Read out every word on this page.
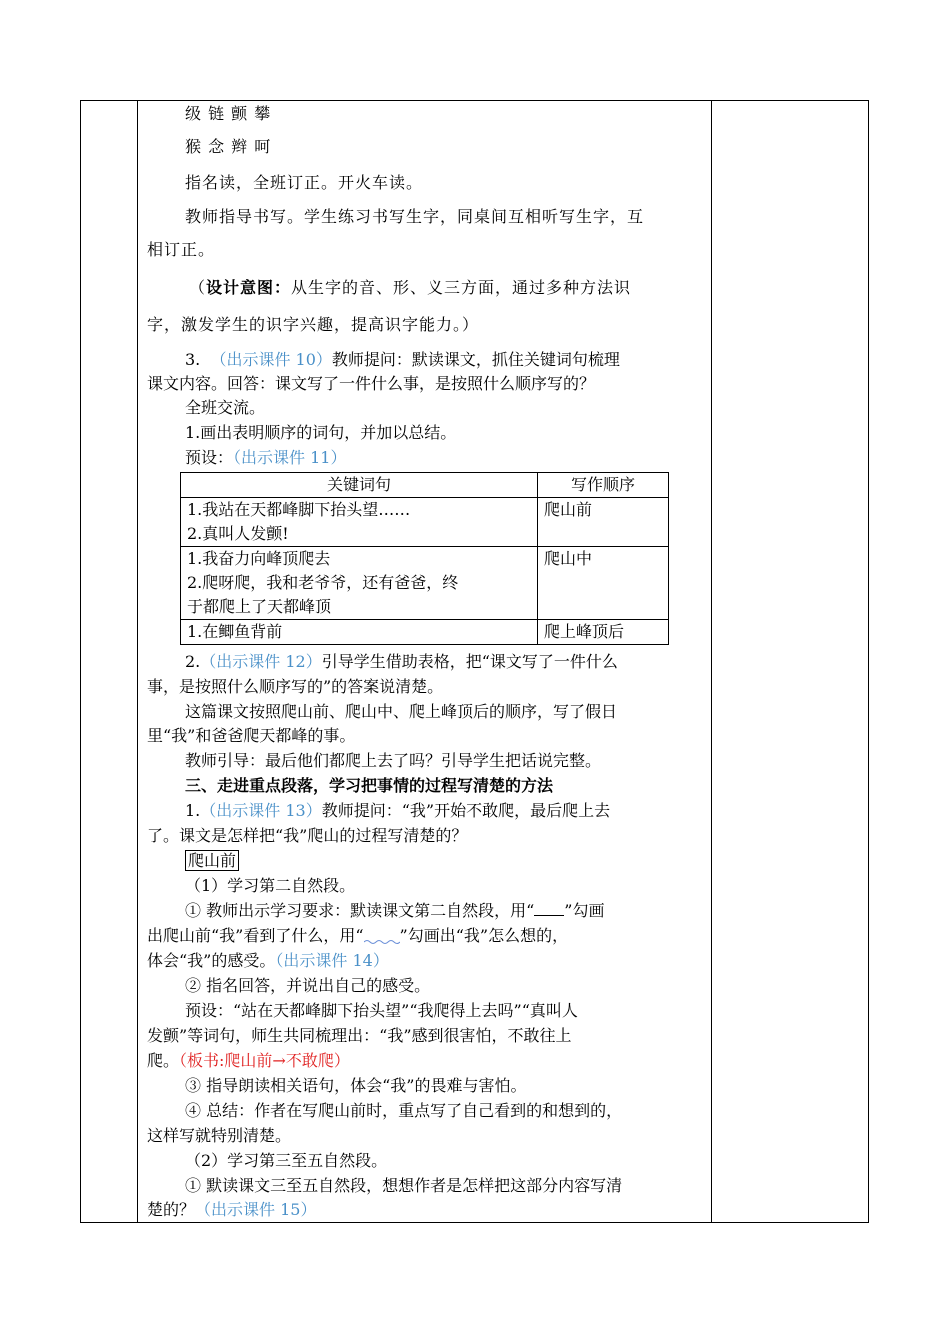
级 链 颤 攀
猴 念 辫 呵
指名读，全班订正。开火车读。
教师指导书写。学生练习书写生字，同桌间互相听写生字，互
相订正。
（设计意图：从生字的音、形、义三方面，通过多种方法识
字，激发学生的识字兴趣，提高识字能力。）
3. （出示课件 10）教师提问：默读课文，抓住关键词句梳理
课文内容。回答：课文写了一件什么事，是按照什么顺序写的？
全班交流。
1.画出表明顺序的词句，并加以总结。
预设：（出示课件 11）
关键词句	写作顺序

1.我站在天都峰脚下抬头望……
2.真叫人发颤!	爬山前

1.我奋力向峰顶爬去
2.爬呀爬，我和老爷爷，还有爸爸，终
于都爬上了天都峰顶	爬山中

1.在鲫鱼背前	爬上峰顶后
2.（出示课件 12）引导学生借助表格，把“课文写了一件什么
事，是按照什么顺序写的”的答案说清楚。
这篇课文按照爬山前、爬山中、爬上峰顶后的顺序，写了假日
里“我”和爸爸爬天都峰的事。
教师引导：最后他们都爬上去了吗？引导学生把话说完整。
三、走进重点段落，学习把事情的过程写清楚的方法
1.（出示课件 13）教师提问：“我”开始不敢爬，最后爬上去
了。课文是怎样把“我”爬山的过程写清楚的？
爬山前
（1）学习第二自然段。
① 教师出示学习要求：默读课文第二自然段，用“ ”勾画
出爬山前“我”看到了什么，用“ ”勾画出“我”怎么想的，
体会“我”的感受。（出示课件 14）
② 指名回答，并说出自己的感受。
预设：“站在天都峰脚下抬头望”“我爬得上去吗”“真叫人
发颤”等词句，师生共同梳理出：“我”感到很害怕，不敢往上
爬。（板书:爬山前→不敢爬）
③ 指导朗读相关语句，体会“我”的畏难与害怕。
④ 总结：作者在写爬山前时，重点写了自己看到的和想到的，
这样写就特别清楚。
（2）学习第三至五自然段。
① 默读课文三至五自然段，想想作者是怎样把这部分内容写清
楚的？（出示课件 15）
